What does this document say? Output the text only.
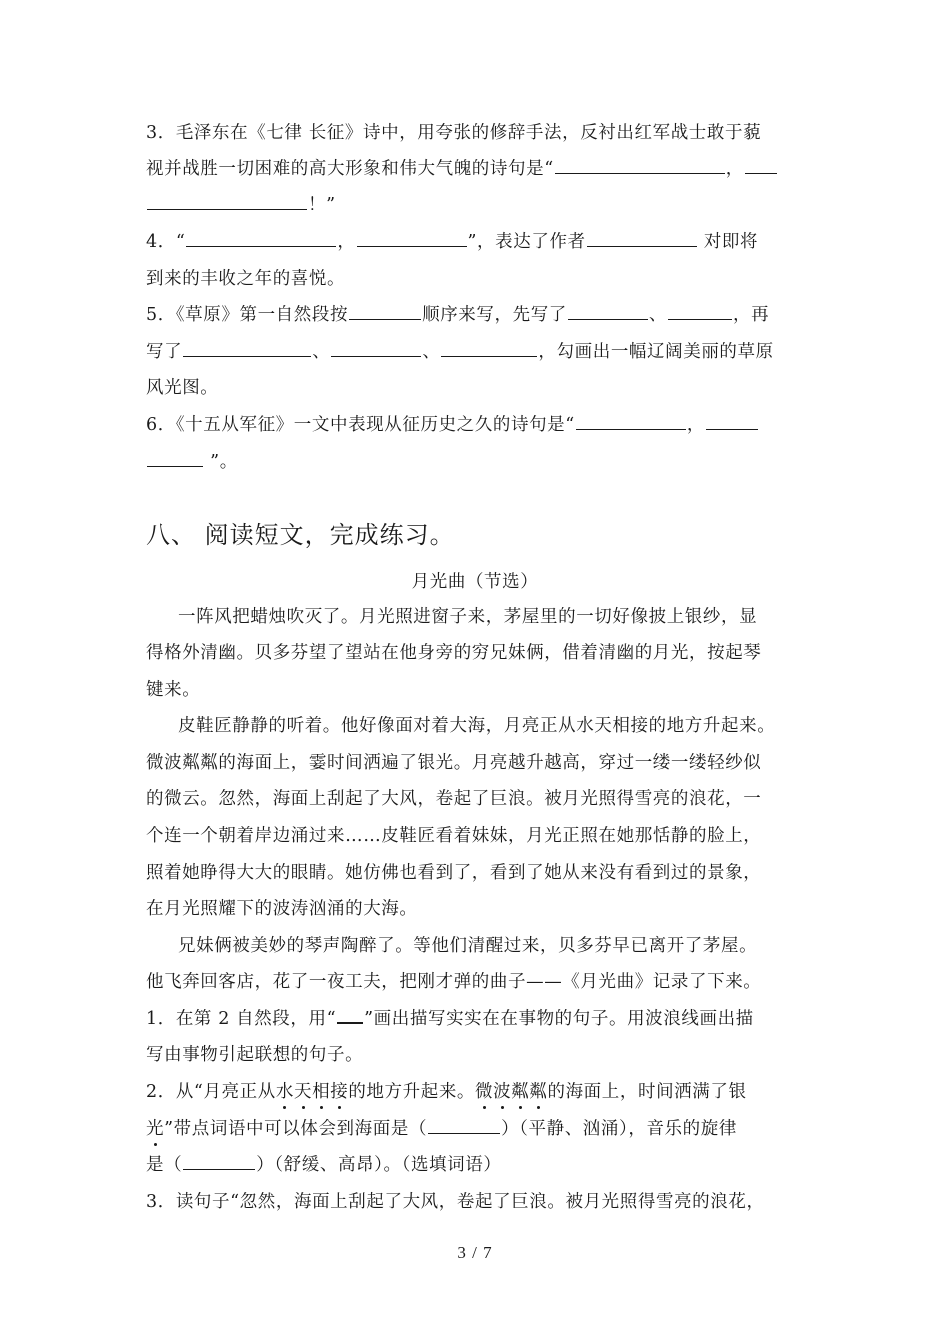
3．毛泽东在《七律 长征》诗中，用夸张的修辞手法，反衬出红军战士敢于藐
视并战胜一切困难的高大形象和伟大气魄的诗句是“	，
！”
4．“	，	”，表达了作者	对即将
到来的丰收之年的喜悦。
5．《草原》第一自然段按	顺序来写，先写了	、	，再
写了	、	、	，勾画出一幅辽阔美丽的草原
风光图。
6．《十五从军征》一文中表现从征历史之久的诗句是“	，
”。
八、 阅读短文，完成练习。
月光曲（节选）
一阵风把蜡烛吹灭了。月光照进窗子来，茅屋里的一切好像披上银纱，显
得格外清幽。贝多芬望了望站在他身旁的穷兄妹俩，借着清幽的月光，按起琴
键来。
皮鞋匠静静的听着。他好像面对着大海，月亮正从水天相接的地方升起来。
微波粼粼的海面上，霎时间洒遍了银光。月亮越升越高，穿过一缕一缕轻纱似
的微云。忽然，海面上刮起了大风，卷起了巨浪。被月光照得雪亮的浪花，一
个连一个朝着岸边涌过来……皮鞋匠看着妹妹，月光正照在她那恬静的脸上，
照着她睁得大大的眼睛。她仿佛也看到了，看到了她从来没有看到过的景象，
在月光照耀下的波涛汹涌的大海。
兄妹俩被美妙的琴声陶醉了。等他们清醒过来，贝多芬早已离开了茅屋。
他飞奔回客店，花了一夜工夫，把刚才弹的曲子——《月光曲》记录了下来。
1．在第 2 自然段，用“ ”画出描写实实在在事物的句子。用波浪线画出描
写由事物引起联想的句子。
2．从“月亮正从水天相接的地方升起来。微波粼粼的海面上，时间洒满了银
光”带点词语中可以体会到海面是（	）（平静、汹涌），音乐的旋律
是（	）（舒缓、高昂）。（选填词语）
3．读句子“忽然，海面上刮起了大风，卷起了巨浪。被月光照得雪亮的浪花，
3 / 7
